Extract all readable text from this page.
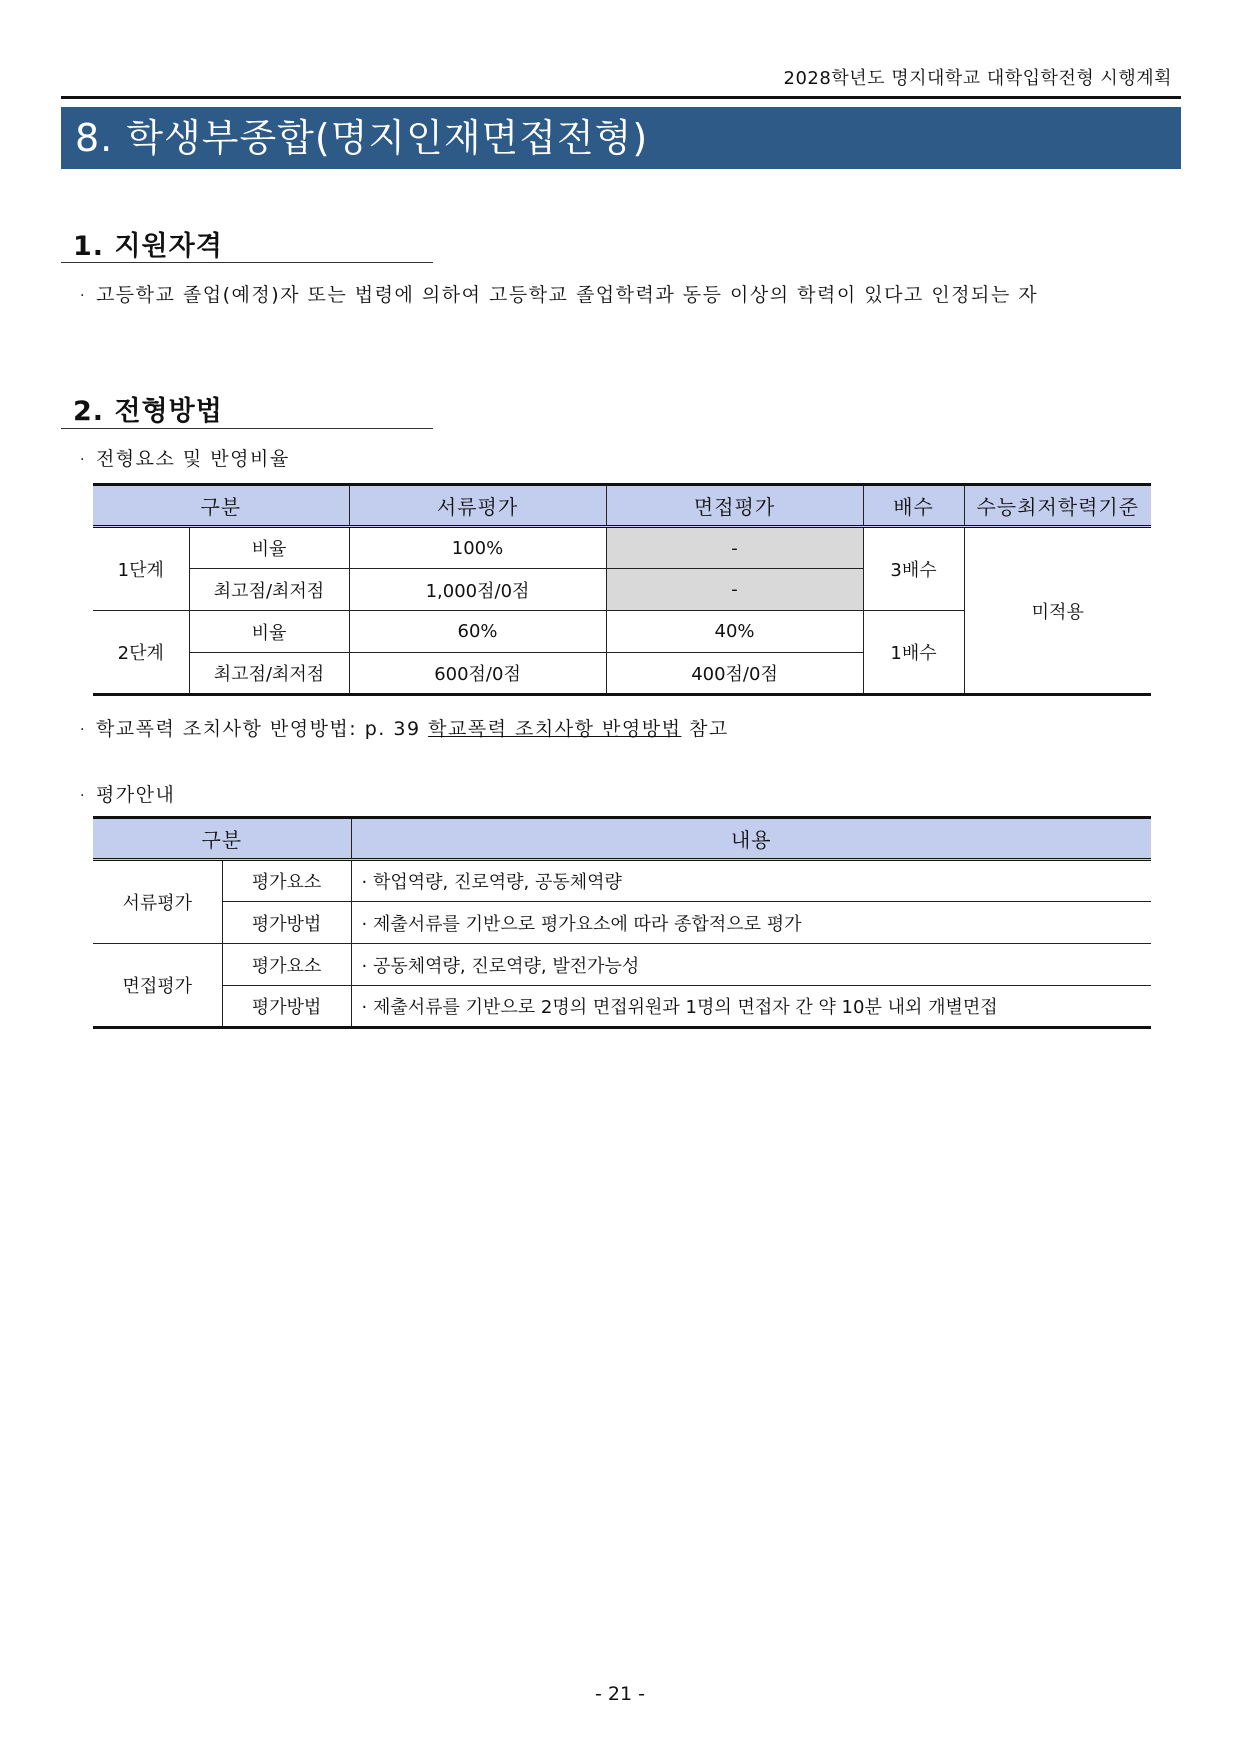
2028학년도 명지대학교 대학입학전형 시행계획
8. 학생부종합(명지인재면접전형)
1. 지원자격
· 고등학교 졸업(예정)자 또는 법령에 의하여 고등학교 졸업학력과 동등 이상의 학력이 있다고 인정되는 자
2. 전형방법
· 전형요소 및 반영비율
구분		서류평가	면접평가	배수	수능최저학력기준
1단계	비율	100%	-	3배수	미적용
	최고점/최저점	1,000점/0점	-		
2단계	비율	60%	40%	1배수	
	최고점/최저점	600점/0점	400점/0점		
· 학교폭력 조치사항 반영방법: p. 39 학교폭력 조치사항 반영방법 참고
· 평가안내
구분		내용
서류평가	평가요소	· 학업역량, 진로역량, 공동체역량
	평가방법	· 제출서류를 기반으로 평가요소에 따라 종합적으로 평가
면접평가	평가요소	· 공동체역량, 진로역량, 발전가능성
	평가방법	· 제출서류를 기반으로 2명의 면접위원과 1명의 면접자 간 약 10분 내외 개별면접
- 21 -
